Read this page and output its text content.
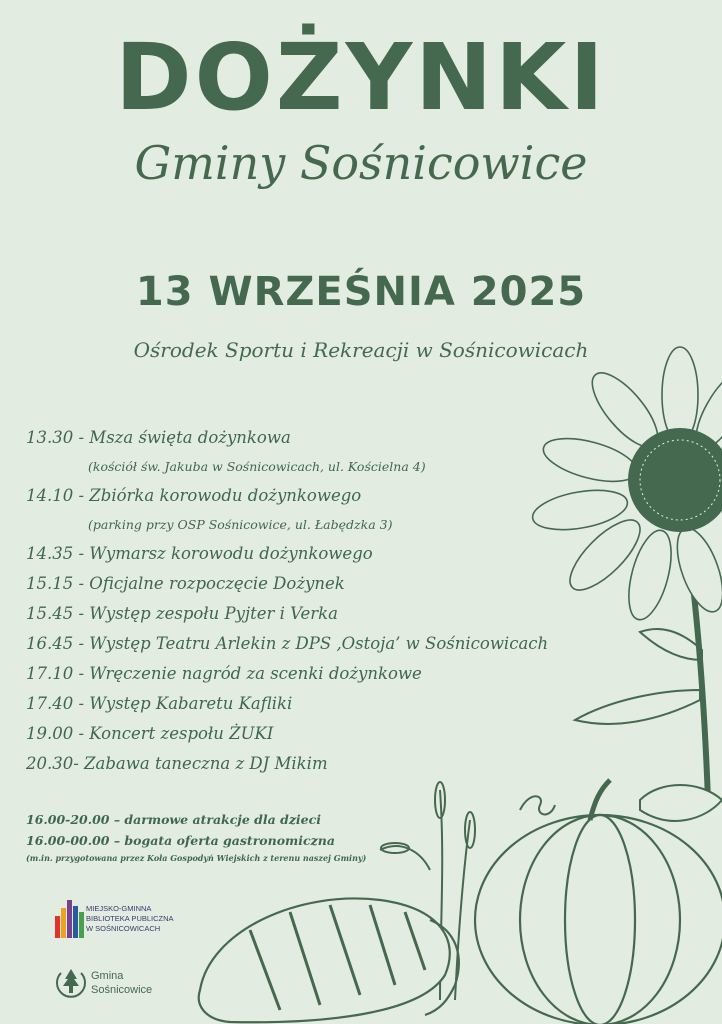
DOŻYNKI
Gminy Sośnicowice
13 WRZEŚNIA 2025
Ośrodek Sportu i Rekreacji w Sośnicowicach
13.30 - Msza święta dożynkowa
(kościół św. Jakuba w Sośnicowicach, ul. Kościelna 4)
14.10 - Zbiórka korowodu dożynkowego
(parking przy OSP Sośnicowice, ul. Łabędzka 3)
14.35 - Wymarsz korowodu dożynkowego
15.15 - Oficjalne rozpoczęcie Dożynek
15.45 - Występ zespołu Pyjter i Verka
16.45 - Występ Teatru Arlekin z DPS ‚Ostoja’ w Sośnicowicach
17.10 - Wręczenie nagród za scenki dożynkowe
17.40 - Występ Kabaretu Kafliki
19.00 - Koncert zespołu ŻUKI
20.30- Zabawa taneczna z DJ Mikim
16.00-20.00 – darmowe atrakcje dla dzieci
16.00-00.00 – bogata oferta gastronomiczna
(m.in. przygotowana przez Koła Gospodyń Wiejskich z terenu naszej Gminy)
MIEJSKO-GMINNA
BIBLIOTEKA PUBLICZNA
W SOŚNICOWICACH
Gmina
Sośnicowice
